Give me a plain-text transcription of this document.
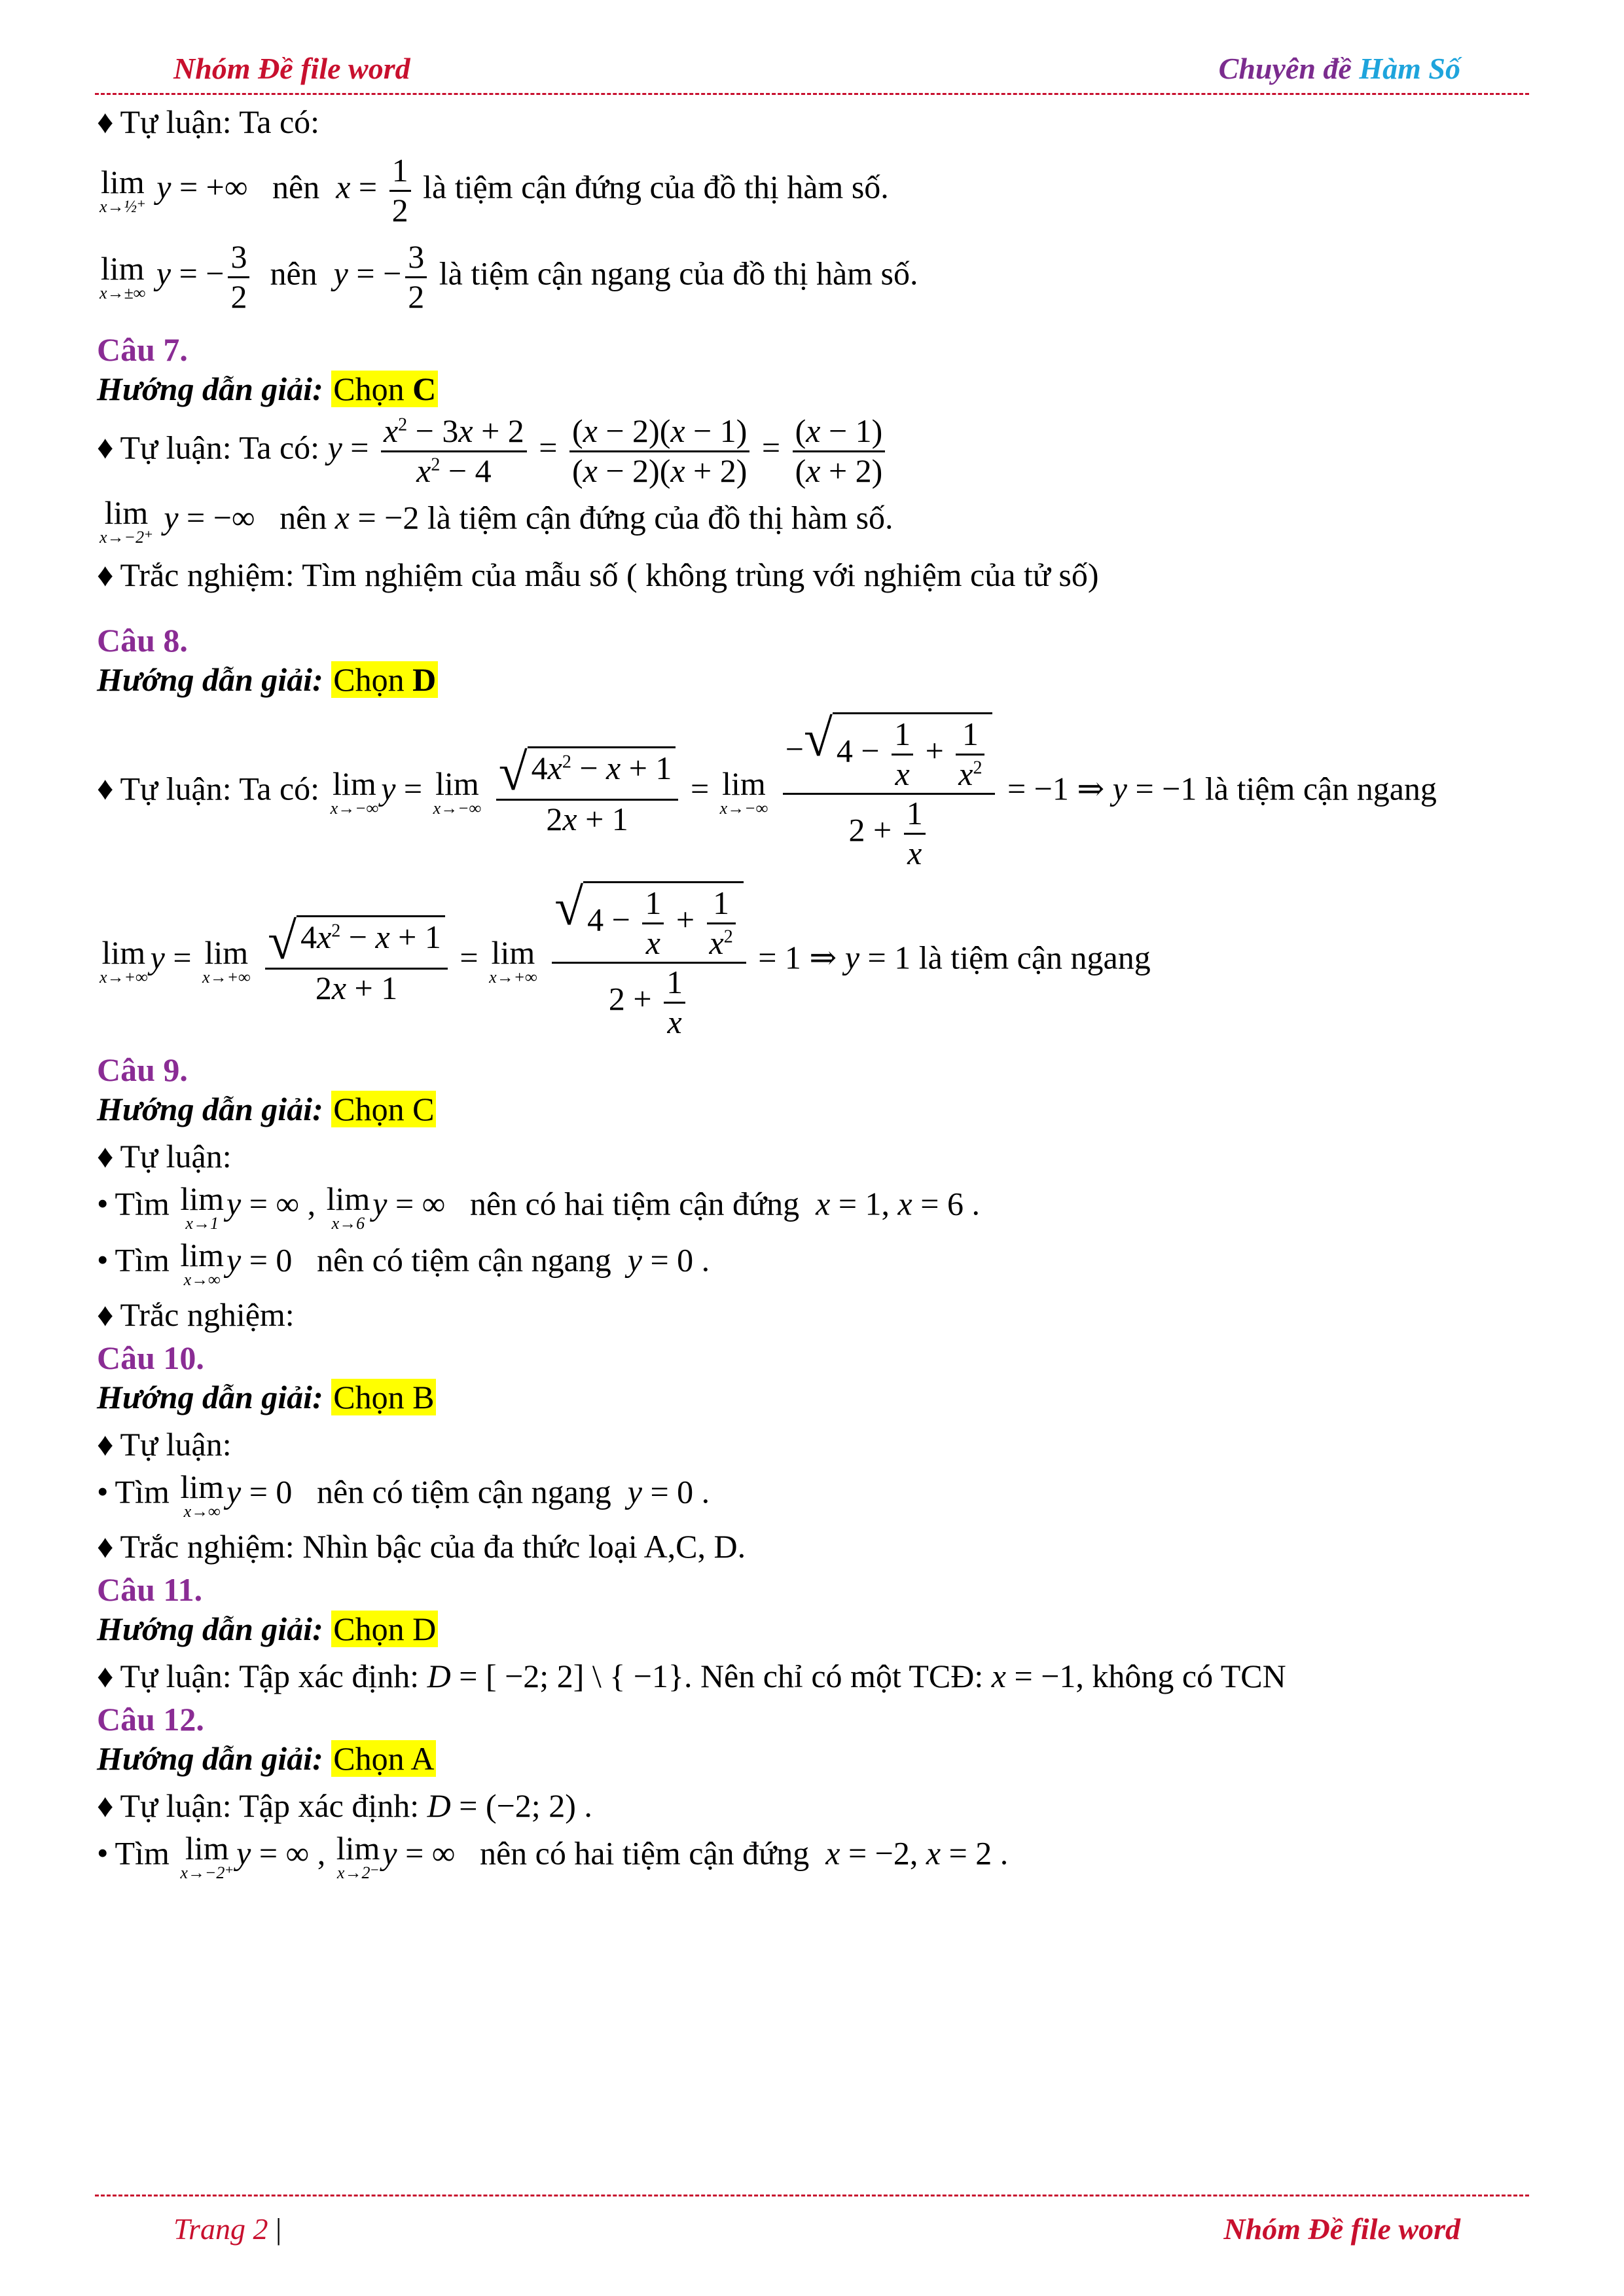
Nhóm Đề file word	Chuyên đề Hàm Số

♦ Tự luận: Ta có:

lim
x→½⁺
y = +∞   nên $x = \frac{1}{2}$ là tiệm cận đứng của đồ thị hàm số.

lim
x→±∞
y = − $\frac{3}{2}$ nên y = − $\frac{3}{2}$ là tiệm cận ngang của đồ thị hàm số.

Câu 7.

Hướng dẫn giải: Chọn C

♦ Tự luận: Ta có: $y = \frac{x^2 - 3x + 2}{x^2 - 4} = \frac{(x - 2)(x - 1)}{(x - 2)(x + 2)} = \frac{(x - 1)}{(x + 2)}$

lim
x→−2⁺
y = −∞   nên x = −2 là tiệm cận đứng của đồ thị hàm số.

♦ Trắc nghiệm: Tìm nghiệm của mẫu số ( không trùng với nghiệm của tử số)

Câu 8.

Hướng dẫn giải: Chọn D

♦ Tự luận: Ta có: lim
x→−∞
y = lim
x→−∞
$\frac{√ 4x^2 - x + 1}{2x + 1} = \lim$
x→−∞
$\frac{- √ 4 - \frac{1}{x} + \frac{1}{x^2}}{2 + \frac{1}{x}} = -1$ ⇒ y = −1 là tiệm cận ngang

lim
x→+∞
y = lim
x→+∞
$\frac{√ 4x^2 - x + 1}{2x + 1} = \lim$
x→+∞
$\frac{√ 4 - \frac{1}{x} + \frac{1}{x^2}}{2 + \frac{1}{x}} = 1$ ⇒ y = 1 là tiệm cận ngang

Câu 9.

Hướng dẫn giải: Chọn C

♦ Tự luận:

• Tìm lim
x→1
y = ∞ , lim
x→6
y = ∞   nên có hai tiệm cận đứng x = 1, x = 6 .

• Tìm lim
x→∞
y = 0   nên có tiệm cận ngang y = 0 .

♦ Trắc nghiệm:

Câu 10.

Hướng dẫn giải: Chọn B

♦ Tự luận:

• Tìm lim
x→∞
y = 0   nên có tiệm cận ngang y = 0 .

♦ Trắc nghiệm: Nhìn bậc của đa thức loại A,C, D.

Câu 11.

Hướng dẫn giải: Chọn D

♦ Tự luận: Tập xác định: D = [ −2; 2] \ { −1}. Nên chỉ có một TCĐ: x = −1, không có TCN

Câu 12.

Hướng dẫn giải: Chọn A

♦ Tự luận: Tập xác định: D = (−2; 2) .

• Tìm lim
x→−2⁺
y = ∞ , lim
x→2⁻
y = ∞   nên có hai tiệm cận đứng x = −2, x = 2 .

Trang 2 |	Nhóm Đề file word
